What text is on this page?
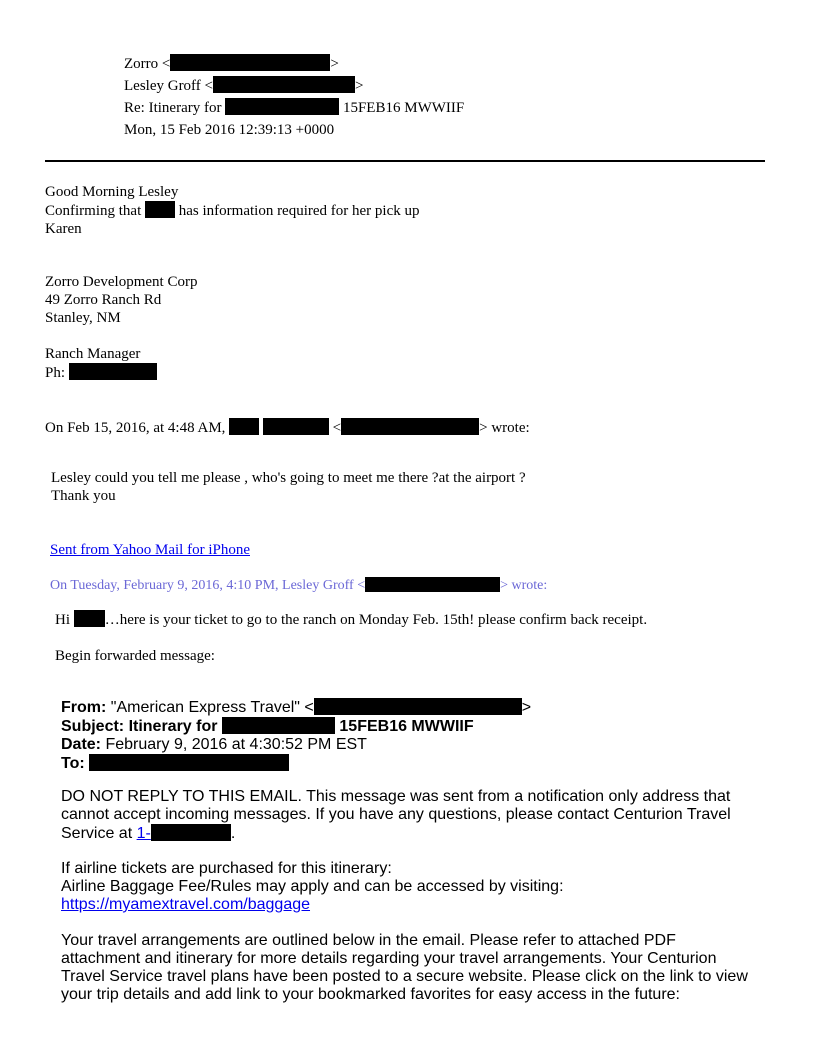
Zorro <	>
Lesley Groff <	>
Re: Itinerary for	15FEB16 MWWIIF
Mon, 15 Feb 2016 12:39:13 +0000
Good Morning Lesley
Confirming that	has information required for her pick up
Karen
Zorro Development Corp
49 Zorro Ranch Rd
Stanley, NM
Ranch Manager
Ph:
On Feb 15, 2016, at 4:48 AM,	<	> wrote:
Lesley could you tell me please , who's going to meet me there ?at the airport ?
Thank you
Sent from Yahoo Mail for iPhone
On Tuesday, February 9, 2016, 4:10 PM, Lesley Groff <	> wrote:
Hi …here is your ticket to go to the ranch on Monday Feb. 15th! please confirm back receipt.
Begin forwarded message:
From: "American Express Travel" <	>
Subject: Itinerary for	15FEB16 MWWIIF
Date: February 9, 2016 at 4:30:52 PM EST
To:
DO NOT REPLY TO THIS EMAIL. This message was sent from a notification only address that
cannot accept incoming messages. If you have any questions, please contact Centurion Travel
Service at 1-	.
If airline tickets are purchased for this itinerary:
Airline Baggage Fee/Rules may apply and can be accessed by visiting:
https://myamextravel.com/baggage
Your travel arrangements are outlined below in the email. Please refer to attached PDF
attachment and itinerary for more details regarding your travel arrangements. Your Centurion
Travel Service travel plans have been posted to a secure website. Please click on the link to view
your trip details and add link to your bookmarked favorites for easy access in the future:
